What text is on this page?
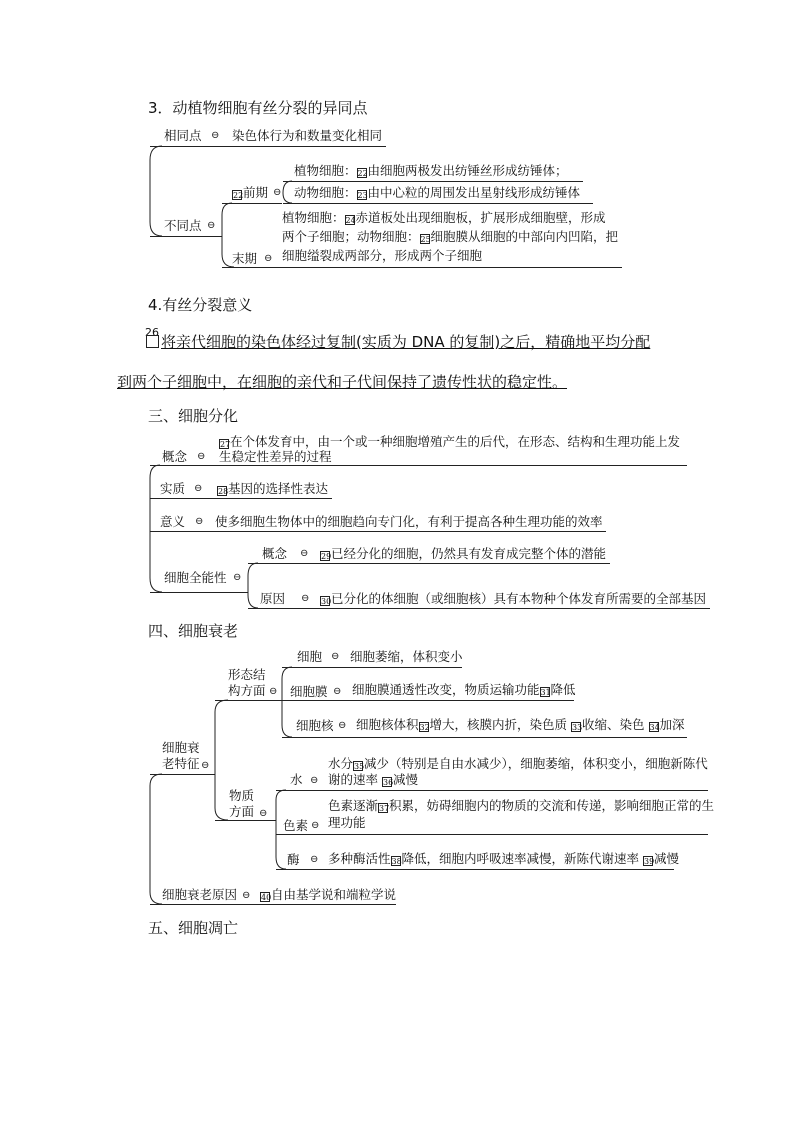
3．动植物细胞有丝分裂的异同点
相同点 ⊖ 染色体行为和数量变化相同
不同点 ⊖
22前期 ⊖
植物细胞：22由细胞两极发出纺锤丝形成纺锤体；
动物细胞：23由中心粒的周围发出星射线形成纺锤体
末期 ⊖
植物细胞：24赤道板处出现细胞板，扩展形成细胞壁，形成
两个子细胞；动物细胞：25细胞膜从细胞的中部向内凹陷，把
细胞缢裂成两部分，形成两个子细胞
4.有丝分裂意义
26
将亲代细胞的染色体经过复制(实质为 DNA 的复制)之后，精确地平均分配
到两个子细胞中，在细胞的亲代和子代间保持了遗传性状的稳定性。
三、细胞分化
概念 ⊖
27在个体发育中，由一个或一种细胞增殖产生的后代，在形态、结构和生理功能上发
生稳定性差异的过程
实质 ⊖ 28基因的选择性表达
意义 ⊖ 使多细胞生物体中的细胞趋向专门化，有利于提高各种生理功能的效率
细胞全能性 ⊖
概念 ⊖ 29已经分化的细胞，仍然具有发育成完整个体的潜能
原因 ⊖ 30已分化的体细胞（或细胞核）具有本物种个体发育所需要的全部基因
四、细胞衰老
细胞衰
老特征 ⊖
形态结
构方面 ⊖
细胞 ⊖ 细胞萎缩，体积变小
细胞膜 ⊖ 细胞膜通透性改变，物质运输功能31降低
细胞核 ⊖ 细胞核体积32增大，核膜内折，染色质 33收缩、染色 34加深
物质
方面 ⊖
水 ⊖
水分35减少（特别是自由水减少），细胞萎缩，体积变小，细胞新陈代
谢的速率 36减慢
色素 ⊖
色素逐渐37积累，妨碍细胞内的物质的交流和传递，影响细胞正常的生
理功能
酶 ⊖ 多种酶活性38降低，细胞内呼吸速率减慢，新陈代谢速率 39减慢
细胞衰老原因 ⊖ 40自由基学说和端粒学说
五、细胞凋亡
